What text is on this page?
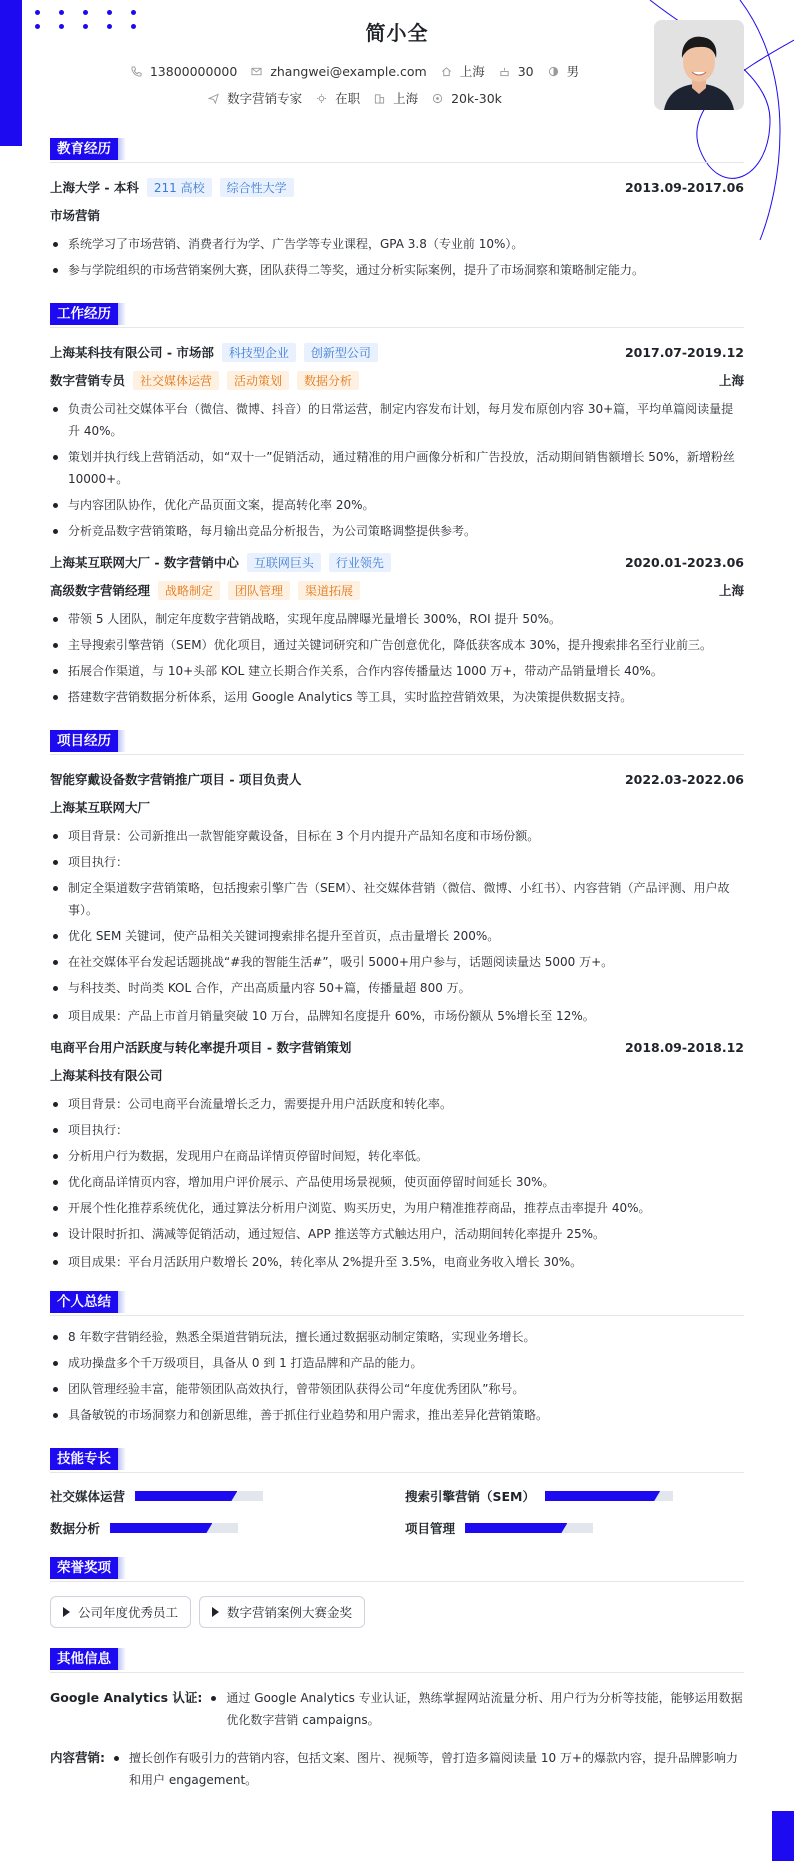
简小全
13800000000	zhangwei@example.com	上海	30	男
数字营销专家	在职	上海	20k-30k
教育经历
上海大学 - 本科	211 高校	综合性大学	2013.09-2017.06
市场营销
系统学习了市场营销、消费者行为学、广告学等专业课程，GPA 3.8（专业前 10%）。
参与学院组织的市场营销案例大赛，团队获得二等奖，通过分析实际案例，提升了市场洞察和策略制定能力。
工作经历
上海某科技有限公司 - 市场部	科技型企业	创新型公司	2017.07-2019.12
数字营销专员	社交媒体运营	活动策划	数据分析	上海
负责公司社交媒体平台（微信、微博、抖音）的日常运营，制定内容发布计划，每月发布原创内容 30+篇，平均单篇阅读量提升 40%。
策划并执行线上营销活动，如“双十一”促销活动，通过精准的用户画像分析和广告投放，活动期间销售额增长 50%，新增粉丝 10000+。
与内容团队协作，优化产品页面文案，提高转化率 20%。
分析竞品数字营销策略，每月输出竞品分析报告，为公司策略调整提供参考。
上海某互联网大厂 - 数字营销中心	互联网巨头	行业领先	2020.01-2023.06
高级数字营销经理	战略制定	团队管理	渠道拓展	上海
带领 5 人团队，制定年度数字营销战略，实现年度品牌曝光量增长 300%，ROI 提升 50%。
主导搜索引擎营销（SEM）优化项目，通过关键词研究和广告创意优化，降低获客成本 30%，提升搜索排名至行业前三。
拓展合作渠道，与 10+头部 KOL 建立长期合作关系，合作内容传播量达 1000 万+，带动产品销量增长 40%。
搭建数字营销数据分析体系，运用 Google Analytics 等工具，实时监控营销效果，为决策提供数据支持。
项目经历
智能穿戴设备数字营销推广项目 - 项目负责人	2022.03-2022.06
上海某互联网大厂
项目背景：公司新推出一款智能穿戴设备，目标在 3 个月内提升产品知名度和市场份额。
项目执行：
制定全渠道数字营销策略，包括搜索引擎广告（SEM）、社交媒体营销（微信、微博、小红书）、内容营销（产品评测、用户故事）。
优化 SEM 关键词，使产品相关关键词搜索排名提升至首页，点击量增长 200%。
在社交媒体平台发起话题挑战“#我的智能生活#”，吸引 5000+用户参与，话题阅读量达 5000 万+。
与科技类、时尚类 KOL 合作，产出高质量内容 50+篇，传播量超 800 万。
项目成果：产品上市首月销量突破 10 万台，品牌知名度提升 60%，市场份额从 5%增长至 12%。
电商平台用户活跃度与转化率提升项目 - 数字营销策划	2018.09-2018.12
上海某科技有限公司
项目背景：公司电商平台流量增长乏力，需要提升用户活跃度和转化率。
项目执行：
分析用户行为数据，发现用户在商品详情页停留时间短，转化率低。
优化商品详情页内容，增加用户评价展示、产品使用场景视频，使页面停留时间延长 30%。
开展个性化推荐系统优化，通过算法分析用户浏览、购买历史，为用户精准推荐商品，推荐点击率提升 40%。
设计限时折扣、满减等促销活动，通过短信、APP 推送等方式触达用户，活动期间转化率提升 25%。
项目成果：平台月活跃用户数增长 20%，转化率从 2%提升至 3.5%，电商业务收入增长 30%。
个人总结
8 年数字营销经验，熟悉全渠道营销玩法，擅长通过数据驱动制定策略，实现业务增长。
成功操盘多个千万级项目，具备从 0 到 1 打造品牌和产品的能力。
团队管理经验丰富，能带领团队高效执行，曾带领团队获得公司“年度优秀团队”称号。
具备敏锐的市场洞察力和创新思维，善于抓住行业趋势和用户需求，推出差异化营销策略。
技能专长
社交媒体运营	搜索引擎营销（SEM）
数据分析	项目管理
荣誉奖项
公司年度优秀员工	数字营销案例大赛金奖
其他信息
Google Analytics 认证:	通过 Google Analytics 专业认证，熟练掌握网站流量分析、用户行为分析等技能，能够运用数据优化数字营销 campaigns。
内容营销:	擅长创作有吸引力的营销内容，包括文案、图片、视频等，曾打造多篇阅读量 10 万+的爆款内容，提升品牌影响力和用户 engagement。
